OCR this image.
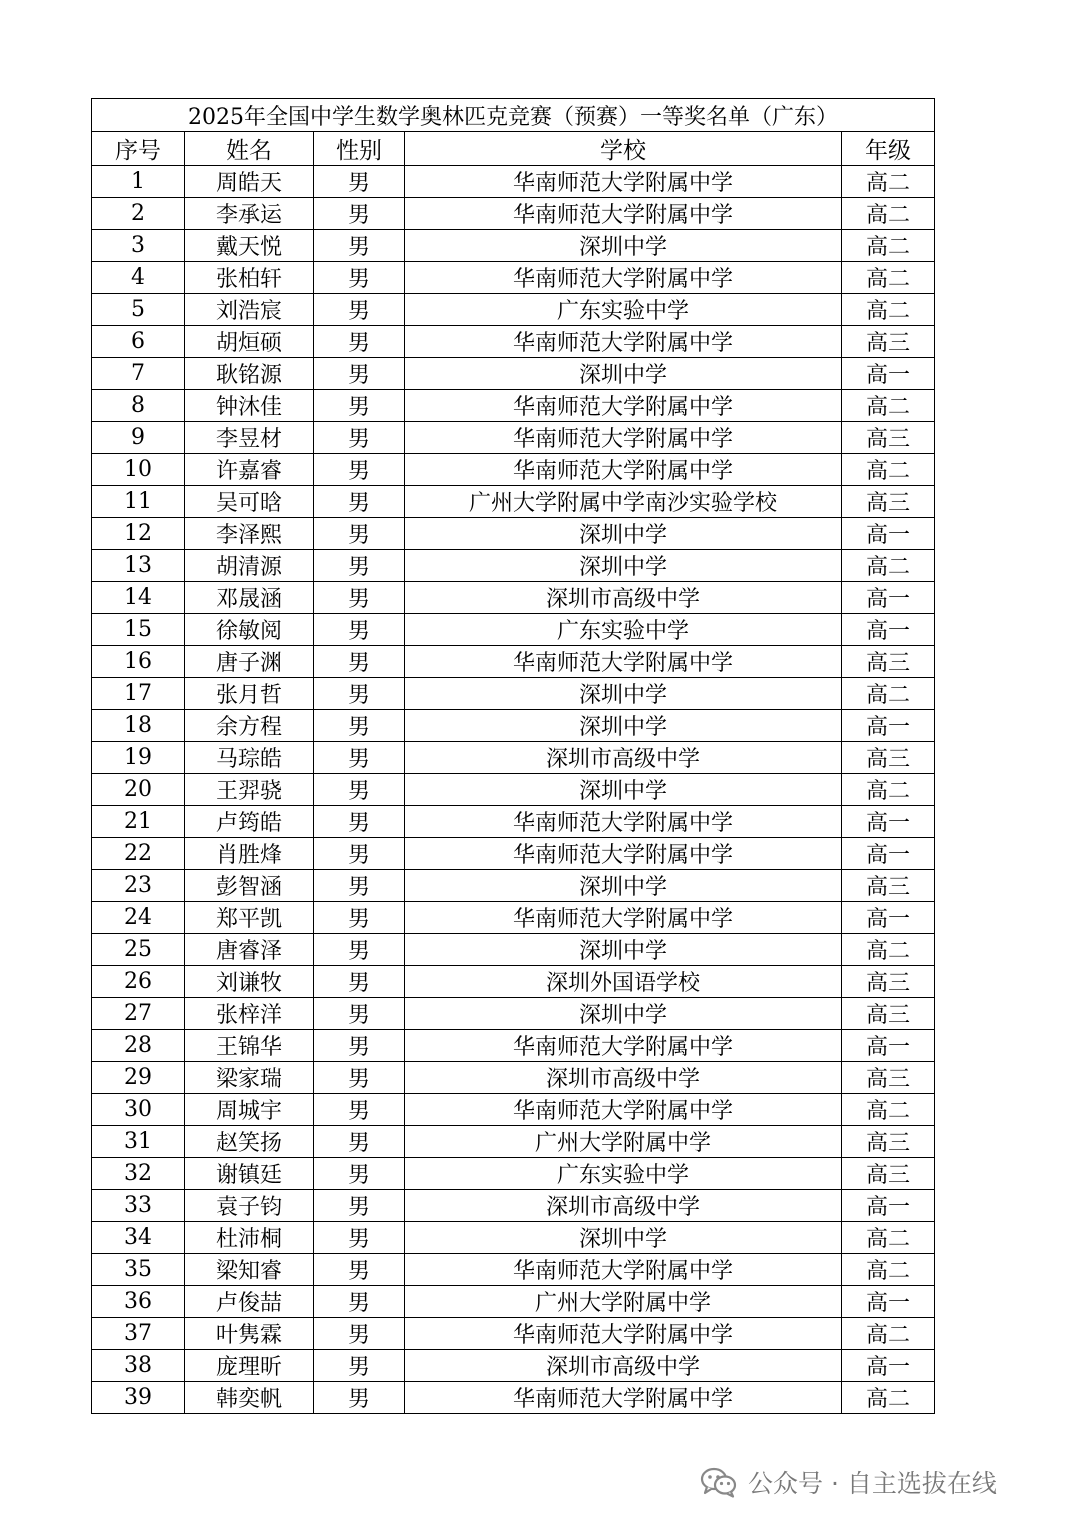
2025年全国中学生数学奥林匹克竞赛（预赛）一等奖名单（广东）				
序号	姓名	性别	学校	年级
1	周皓天	男	华南师范大学附属中学	高二
2	李承运	男	华南师范大学附属中学	高二
3	戴天悦	男	深圳中学	高二
4	张柏轩	男	华南师范大学附属中学	高二
5	刘浩宸	男	广东实验中学	高二
6	胡烜硕	男	华南师范大学附属中学	高三
7	耿铭源	男	深圳中学	高一
8	钟沐佳	男	华南师范大学附属中学	高二
9	李昱材	男	华南师范大学附属中学	高三
10	许嘉睿	男	华南师范大学附属中学	高二
11	吴可晗	男	广州大学附属中学南沙实验学校	高三
12	李泽熙	男	深圳中学	高一
13	胡清源	男	深圳中学	高二
14	邓晟涵	男	深圳市高级中学	高一
15	徐敏阅	男	广东实验中学	高一
16	唐子渊	男	华南师范大学附属中学	高三
17	张月哲	男	深圳中学	高二
18	余方程	男	深圳中学	高一
19	马琮皓	男	深圳市高级中学	高三
20	王羿骁	男	深圳中学	高二
21	卢筠皓	男	华南师范大学附属中学	高一
22	肖胜烽	男	华南师范大学附属中学	高一
23	彭智涵	男	深圳中学	高三
24	郑平凯	男	华南师范大学附属中学	高一
25	唐睿泽	男	深圳中学	高二
26	刘谦牧	男	深圳外国语学校	高三
27	张梓洋	男	深圳中学	高三
28	王锦华	男	华南师范大学附属中学	高一
29	梁家瑞	男	深圳市高级中学	高三
30	周城宇	男	华南师范大学附属中学	高二
31	赵笑扬	男	广州大学附属中学	高三
32	谢镇廷	男	广东实验中学	高三
33	袁子钧	男	深圳市高级中学	高一
34	杜沛桐	男	深圳中学	高二
35	梁知睿	男	华南师范大学附属中学	高二
36	卢俊喆	男	广州大学附属中学	高一
37	叶隽霖	男	华南师范大学附属中学	高二
38	庞理昕	男	深圳市高级中学	高一
39	韩奕帆	男	华南师范大学附属中学	高二
公众号 · 自主选拔在线
